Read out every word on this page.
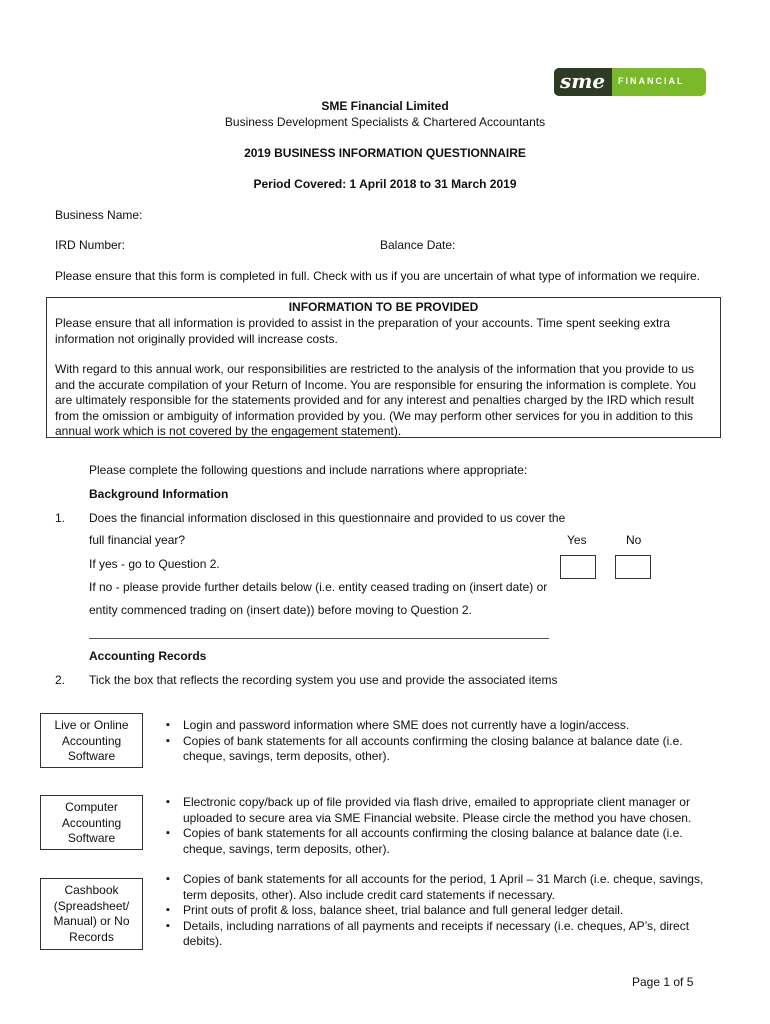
sme FINANCIAL
SME Financial Limited
Business Development Specialists & Chartered Accountants
2019 BUSINESS INFORMATION QUESTIONNAIRE
Period Covered: 1 April 2018 to 31 March 2019
Business Name:
IRD Number:	Balance Date:
Please ensure that this form is completed in full. Check with us if you are uncertain of what type of information we require.
INFORMATION TO BE PROVIDED
Please ensure that all information is provided to assist in the preparation of your accounts. Time spent seeking extra information not originally provided will increase costs.
With regard to this annual work, our responsibilities are restricted to the analysis of the information that you provide to us and the accurate compilation of your Return of Income. You are responsible for ensuring the information is complete. You are ultimately responsible for the statements provided and for any interest and penalties charged by the IRD which result from the omission or ambiguity of information provided by you. (We may perform other services for you in addition to this annual work which is not covered by the engagement statement).
Please complete the following questions and include narrations where appropriate:
Background Information
1. Does the financial information disclosed in this questionnaire and provided to us cover the
full financial year?	Yes	No
If yes - go to Question 2.
If no - please provide further details below (i.e. entity ceased trading on (insert date) or
entity commenced trading on (insert date)) before moving to Question 2.
Accounting Records
2. Tick the box that reflects the recording system you use and provide the associated items
Live or Online Accounting Software
▪ Login and password information where SME does not currently have a login/access.
▪ Copies of bank statements for all accounts confirming the closing balance at balance date (i.e. cheque, savings, term deposits, other).
Computer Accounting Software
▪ Electronic copy/back up of file provided via flash drive, emailed to appropriate client manager or uploaded to secure area via SME Financial website. Please circle the method you have chosen.
▪ Copies of bank statements for all accounts confirming the closing balance at balance date (i.e. cheque, savings, term deposits, other).
Cashbook (Spreadsheet/ Manual) or No Records
▪ Copies of bank statements for all accounts for the period, 1 April – 31 March (i.e. cheque, savings, term deposits, other). Also include credit card statements if necessary.
▪ Print outs of profit & loss, balance sheet, trial balance and full general ledger detail.
▪ Details, including narrations of all payments and receipts if necessary (i.e. cheques, AP’s, direct debits).
Page 1 of 5
